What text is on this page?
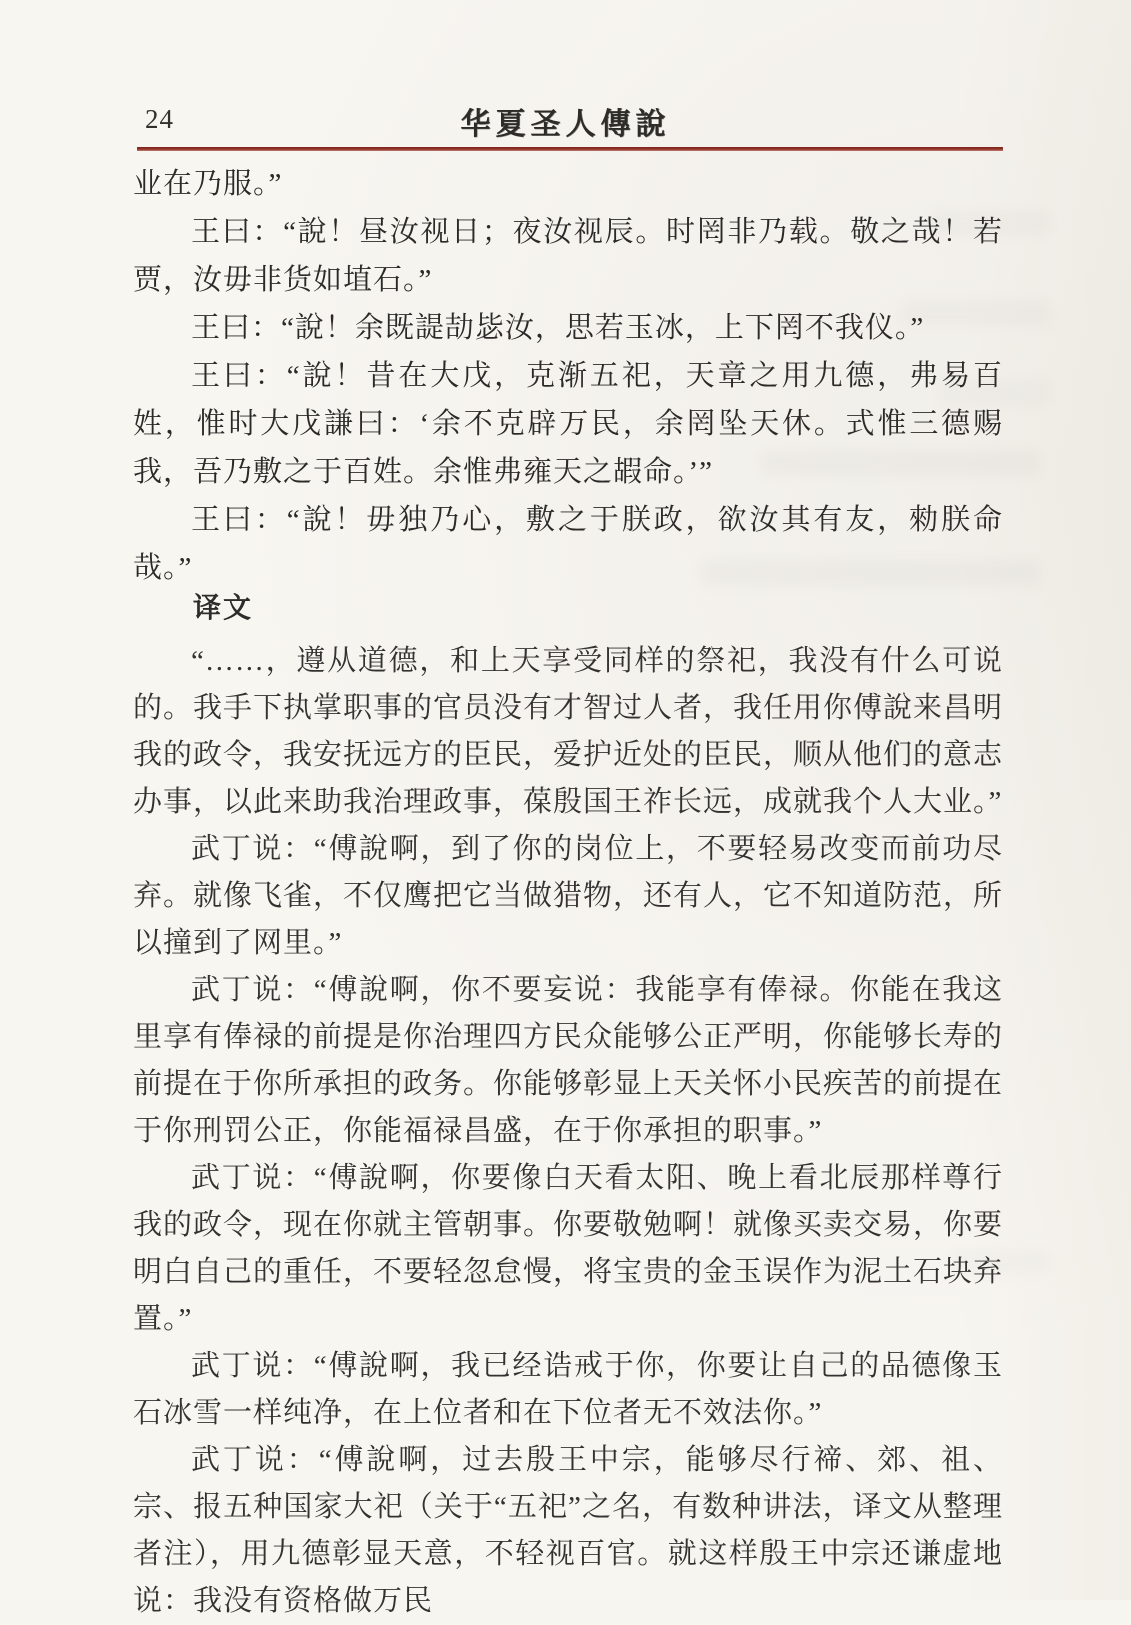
24	华夏圣人傳說

业在乃服。”

王曰：“說！昼汝视日；夜汝视辰。时罔非乃载。敬之哉！若贾，汝毋非货如埴石。”

王曰：“說！余既諟劼毖汝，思若玉冰，上下罔不我仪。”

王曰：“說！昔在大戊，克渐五祀，天章之用九德，弗易百姓，惟时大戊謙曰：‘余不克辟万民，余罔坠天休。式惟三德赐我，吾乃敷之于百姓。余惟弗雍天之嘏命。’”

王曰：“說！毋独乃心，敷之于朕政，欲汝其有友，勑朕命哉。”

译文

“……，遵从道德，和上天享受同样的祭祀，我没有什么可说的。我手下执掌职事的官员没有才智过人者，我任用你傅說来昌明我的政令，我安抚远方的臣民，爱护近处的臣民，顺从他们的意志办事，以此来助我治理政事，葆殷国王祚长远，成就我个人大业。”

武丁说：“傅說啊，到了你的岗位上，不要轻易改变而前功尽弃。就像飞雀，不仅鹰把它当做猎物，还有人，它不知道防范，所以撞到了网里。”

武丁说：“傅說啊，你不要妄说：我能享有俸禄。你能在我这里享有俸禄的前提是你治理四方民众能够公正严明，你能够长寿的前提在于你所承担的政务。你能够彰显上天关怀小民疾苦的前提在于你刑罚公正，你能福禄昌盛，在于你承担的职事。”

武丁说：“傅說啊，你要像白天看太阳、晚上看北辰那样尊行我的政令，现在你就主管朝事。你要敬勉啊！就像买卖交易，你要明白自己的重任，不要轻忽怠慢，将宝贵的金玉误作为泥土石块弃置。”

武丁说：“傅說啊，我已经诰戒于你，你要让自己的品德像玉石冰雪一样纯净，在上位者和在下位者无不效法你。”

武丁说：“傅說啊，过去殷王中宗，能够尽行禘、郊、祖、宗、报五种国家大祀（关于“五祀”之名，有数种讲法，译文从整理者注），用九德彰显天意，不轻视百官。就这样殷王中宗还谦虚地说：我没有资格做万民
